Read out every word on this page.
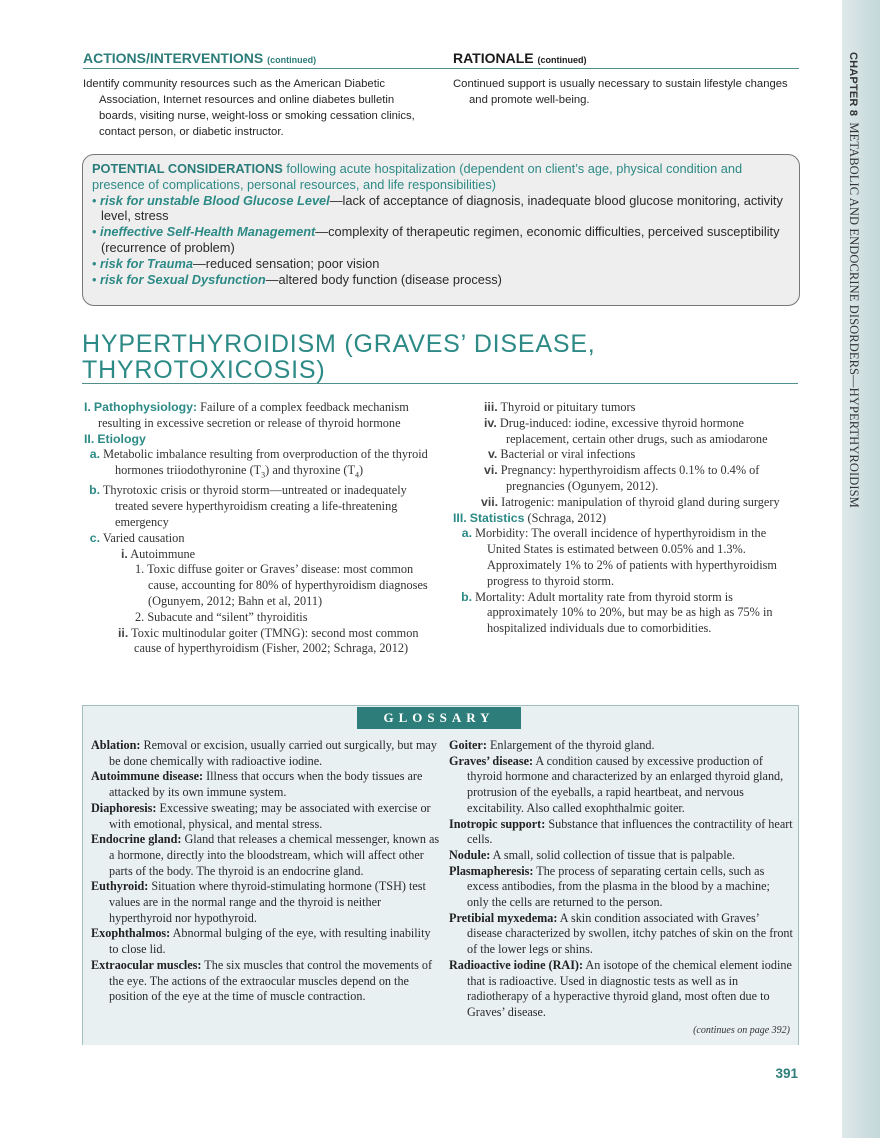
CHAPTER 8  METABOLIC AND ENDOCRINE DISORDERS—HYPERTHYROIDISM
ACTIONS/INTERVENTIONS (continued)	RATIONALE (continued)
Identify community resources such as the American Diabetic Association, Internet resources and online diabetes bulletin boards, visiting nurse, weight-loss or smoking cessation clinics, contact person, or diabetic instructor.
Continued support is usually necessary to sustain lifestyle changes and promote well-being.

POTENTIAL CONSIDERATIONS following acute hospitalization (dependent on client’s age, physical condition and presence of complications, personal resources, and life responsibilities)

• risk for unstable Blood Glucose Level—lack of acceptance of diagnosis, inadequate blood glucose monitoring, activity level, stress

• ineffective Self-Health Management—complexity of therapeutic regimen, economic difficulties, perceived susceptibility (recurrence of problem)

• risk for Trauma—reduced sensation; poor vision

• risk for Sexual Dysfunction—altered body function (disease process)

HYPERTHYROIDISM (GRAVES’ DISEASE,
THYROTOXICOSIS)
I. Pathophysiology: Failure of a complex feedback mechanism resulting in excessive secretion or release of thyroid hormone
II. Etiology
a. Metabolic imbalance resulting from overproduction of the thyroid hormones triiodothyronine $(T_3)$ and thyroxine $(T_4)$
b. Thyrotoxic crisis or thyroid storm—untreated or inadequately treated severe hyperthyroidism creating a life-threatening emergency
c. Varied causation
i. Autoimmune
1. Toxic diffuse goiter or Graves’ disease: most common cause, accounting for 80% of hyperthyroidism diagnoses (Ogunyem, 2012; Bahn et al, 2011)
2. Subacute and “silent” thyroiditis
ii. Toxic multinodular goiter (TMNG): second most common cause of hyperthyroidism (Fisher, 2002; Schraga, 2012)
iii. Thyroid or pituitary tumors
iv. Drug-induced: iodine, excessive thyroid hormone replacement, certain other drugs, such as amiodarone
v. Bacterial or viral infections
vi. Pregnancy: hyperthyroidism affects 0.1% to 0.4% of pregnancies (Ogunyem, 2012).
vii. Iatrogenic: manipulation of thyroid gland during surgery
III. Statistics (Schraga, 2012)
a. Morbidity: The overall incidence of hyperthyroidism in the United States is estimated between 0.05% and 1.3%. Approximately 1% to 2% of patients with hyperthyroidism progress to thyroid storm.
b. Mortality: Adult mortality rate from thyroid storm is approximately 10% to 20%, but may be as high as 75% in hospitalized individuals due to comorbidities.
GLOSSARY

Ablation: Removal or excision, usually carried out surgically, but may be done chemically with radioactive iodine.

Autoimmune disease: Illness that occurs when the body tissues are attacked by its own immune system.

Diaphoresis: Excessive sweating; may be associated with exercise or with emotional, physical, and mental stress.

Endocrine gland: Gland that releases a chemical messenger, known as a hormone, directly into the bloodstream, which will affect other parts of the body. The thyroid is an endocrine gland.

Euthyroid: Situation where thyroid-stimulating hormone (TSH) test values are in the normal range and the thyroid is neither hyperthyroid nor hypothyroid.

Exophthalmos: Abnormal bulging of the eye, with resulting inability to close lid.

Extraocular muscles: The six muscles that control the movements of the eye. The actions of the extraocular muscles depend on the position of the eye at the time of muscle contraction.

Goiter: Enlargement of the thyroid gland.

Graves’ disease: A condition caused by excessive production of thyroid hormone and characterized by an enlarged thyroid gland, protrusion of the eyeballs, a rapid heartbeat, and nervous excitability. Also called exophthalmic goiter.

Inotropic support: Substance that influences the contractility of heart cells.

Nodule: A small, solid collection of tissue that is palpable.

Plasmapheresis: The process of separating certain cells, such as excess antibodies, from the plasma in the blood by a machine; only the cells are returned to the person.

Pretibial myxedema: A skin condition associated with Graves’ disease characterized by swollen, itchy patches of skin on the front of the lower legs or shins.

Radioactive iodine (RAI): An isotope of the chemical element iodine that is radioactive. Used in diagnostic tests as well as in radiotherapy of a hyperactive thyroid gland, most often due to Graves’ disease.

(continues on page 392)
391
